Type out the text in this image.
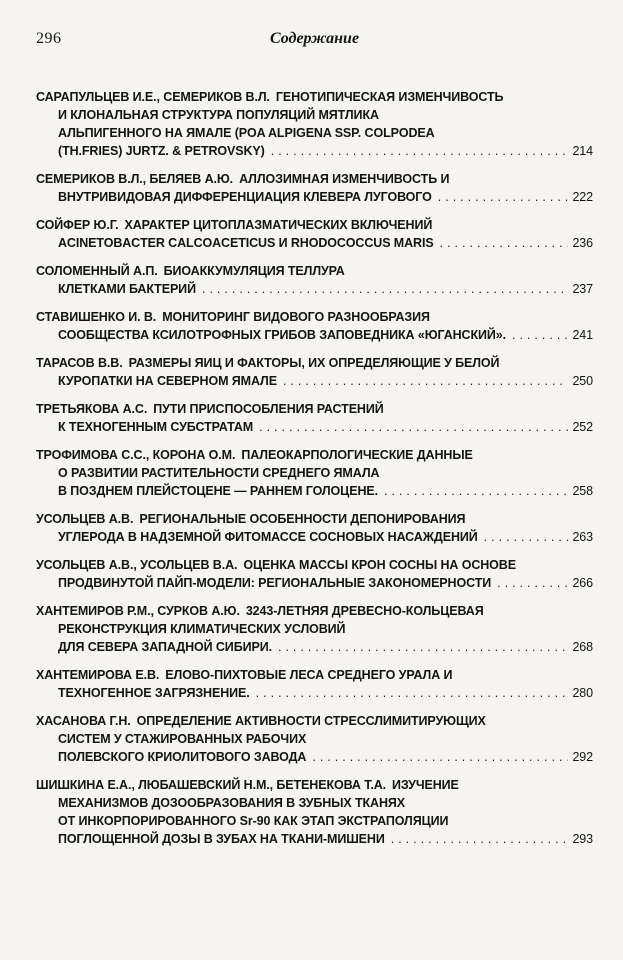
296	Содержание
САРАПУЛЬЦЕВ И.Е., СЕМЕРИКОВ В.Л. ГЕНОТИПИЧЕСКАЯ ИЗМЕНЧИВОСТЬ
И КЛОНАЛЬНАЯ СТРУКТУРА ПОПУЛЯЦИЙ МЯТЛИКА
АЛЬПИГЕННОГО НА ЯМАЛЕ (POA ALPIGENA SSP. COLPODEA
(TH.FRIES) JURTZ. & PETROVSKY) .....	214
СЕМЕРИКОВ В.Л., БЕЛЯЕВ А.Ю. АЛЛОЗИМНАЯ ИЗМЕНЧИВОСТЬ И
ВНУТРИВИДОВАЯ ДИФФЕРЕНЦИАЦИЯ КЛЕВЕРА ЛУГОВОГО .....	222
СОЙФЕР Ю.Г. ХАРАКТЕР ЦИТОПЛАЗМАТИЧЕСКИХ ВКЛЮЧЕНИЙ
ACINETOBACTER CALCOACETICUS И RHODOCOCCUS MARIS .....	236
СОЛОМЕННЫЙ А.П. БИОАККУМУЛЯЦИЯ ТЕЛЛУРА
КЛЕТКАМИ БАКТЕРИЙ .....	237
СТАВИШЕНКО И. В. МОНИТОРИНГ ВИДОВОГО РАЗНООБРАЗИЯ
СООБЩЕСТВА КСИЛОТРОФНЫХ ГРИБОВ ЗАПОВЕДНИКА «ЮГАНСКИЙ». .....	241
ТАРАСОВ В.В. РАЗМЕРЫ ЯИЦ И ФАКТОРЫ, ИХ ОПРЕДЕЛЯЮЩИЕ У БЕЛОЙ
КУРОПАТКИ НА СЕВЕРНОМ ЯМАЛЕ .....	250
ТРЕТЬЯКОВА А.С. ПУТИ ПРИСПОСОБЛЕНИЯ РАСТЕНИЙ
К ТЕХНОГЕННЫМ СУБСТРАТАМ .....	252
ТРОФИМОВА С.С., КОРОНА О.М. ПАЛЕОКАРПОЛОГИЧЕСКИЕ ДАННЫЕ
О РАЗВИТИИ РАСТИТЕЛЬНОСТИ СРЕДНЕГО ЯМАЛА
В ПОЗДНЕМ ПЛЕЙСТОЦЕНЕ — РАННЕМ ГОЛОЦЕНЕ. .....	258
УСОЛЬЦЕВ А.В. РЕГИОНАЛЬНЫЕ ОСОБЕННОСТИ ДЕПОНИРОВАНИЯ
УГЛЕРОДА В НАДЗЕМНОЙ ФИТОМАССЕ СОСНОВЫХ НАСАЖДЕНИЙ .....	263
УСОЛЬЦЕВ А.В., УСОЛЬЦЕВ В.А. ОЦЕНКА МАССЫ КРОН СОСНЫ НА ОСНОВЕ
ПРОДВИНУТОЙ ПАЙП-МОДЕЛИ: РЕГИОНАЛЬНЫЕ ЗАКОНОМЕРНОСТИ .....	266
ХАНТЕМИРОВ Р.М., СУРКОВ А.Ю. 3243-ЛЕТНЯЯ ДРЕВЕСНО-КОЛЬЦЕВАЯ
РЕКОНСТРУКЦИЯ КЛИМАТИЧЕСКИХ УСЛОВИЙ
ДЛЯ СЕВЕРА ЗАПАДНОЙ СИБИРИ. .....	268
ХАНТЕМИРОВА Е.В. ЕЛОВО-ПИХТОВЫЕ ЛЕСА СРЕДНЕГО УРАЛА И
ТЕХНОГЕННОЕ ЗАГРЯЗНЕНИЕ. .....	280
ХАСАНОВА Г.Н. ОПРЕДЕЛЕНИЕ АКТИВНОСТИ СТРЕССЛИМИТИРУЮЩИХ
СИСТЕМ У СТАЖИРОВАННЫХ РАБОЧИХ
ПОЛЕВСКОГО КРИОЛИТОВОГО ЗАВОДА .....	292
ШИШКИНА Е.А., ЛЮБАШЕВСКИЙ Н.М., БЕТЕНЕКОВА Т.А. ИЗУЧЕНИЕ
МЕХАНИЗМОВ ДОЗООБРАЗОВАНИЯ В ЗУБНЫХ ТКАНЯХ
ОТ ИНКОРПОРИРОВАННОГО Sr-90 КАК ЭТАП ЭКСТРАПОЛЯЦИИ
ПОГЛОЩЕННОЙ ДОЗЫ В ЗУБАХ НА ТКАНИ-МИШЕНИ .....	293
